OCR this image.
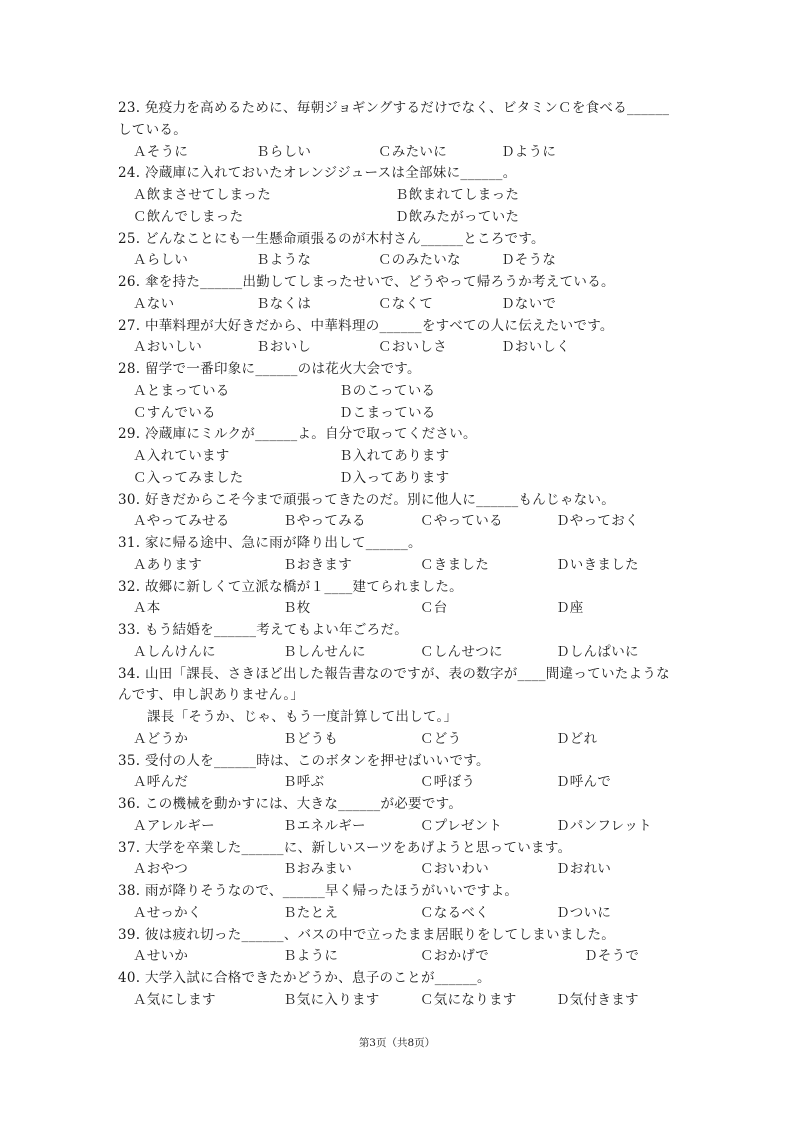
23. 免疫力を高めるために、毎朝ジョギングするだけでなく、ビタミンＣを食べる______
している。
Ａそうに	Ｂらしい	Ｃみたいに	Ｄように
24. 冷蔵庫に入れておいたオレンジジュースは全部妹に______。
Ａ飲まさせてしまった	Ｂ飲まれてしまった
Ｃ飲んでしまった	Ｄ飲みたがっていた
25. どんなことにも一生懸命頑張るのが木村さん______ところです。
Ａらしい	Ｂような	Ｃのみたいな	Ｄそうな
26. 傘を持た______出勤してしまったせいで、どうやって帰ろうか考えている。
Ａない	Ｂなくは	Ｃなくて	Ｄないで
27. 中華料理が大好きだから、中華料理の______をすべての人に伝えたいです。
Ａおいしい	Ｂおいし	Ｃおいしさ	Ｄおいしく
28. 留学で一番印象に______のは花火大会です。
Ａとまっている	Ｂのこっている
Ｃすんでいる	Ｄこまっている
29. 冷蔵庫にミルクが______よ。自分で取ってください。
Ａ入れています	Ｂ入れてあります
Ｃ入ってみました	Ｄ入ってあります
30. 好きだからこそ今まで頑張ってきたのだ。別に他人に______もんじゃない。
Ａやってみせる	Ｂやってみる	Ｃやっている	Ｄやっておく
31. 家に帰る途中、急に雨が降り出して______。
Ａあります	Ｂおきます	Ｃきました	Ｄいきました
32. 故郷に新しくて立派な橋が１____建てられました。
Ａ本	Ｂ枚	Ｃ台	Ｄ座
33. もう結婚を______考えてもよい年ごろだ。
Ａしんけんに	Ｂしんせんに	Ｃしんせつに	Ｄしんぱいに
34. 山田「課長、さきほど出した報告書なのですが、表の数字が____間違っていたような
んです、申し訳ありません。」
課長「そうか、じゃ、もう一度計算して出して。」
Ａどうか	Ｂどうも	Ｃどう	Ｄどれ
35. 受付の人を______時は、このボタンを押せばいいです。
Ａ呼んだ	Ｂ呼ぶ	Ｃ呼ぼう	Ｄ呼んで
36. この機械を動かすには、大きな______が必要です。
Ａアレルギー	Ｂエネルギー	Ｃプレゼント	Ｄパンフレット
37. 大学を卒業した______に、新しいスーツをあげようと思っています。
Ａおやつ	Ｂおみまい	Ｃおいわい	Ｄおれい
38. 雨が降りそうなので、______早く帰ったほうがいいですよ。
Ａせっかく	Ｂたとえ	Ｃなるべく	Ｄついに
39. 彼は疲れ切った______、バスの中で立ったまま居眠りをしてしまいました。
Ａせいか	Ｂように	Ｃおかげで	Ｄそうで
40. 大学入試に合格できたかどうか、息子のことが______。
Ａ気にします	Ｂ気に入ります	Ｃ気になります	Ｄ気付きます
第3页（共8页）
